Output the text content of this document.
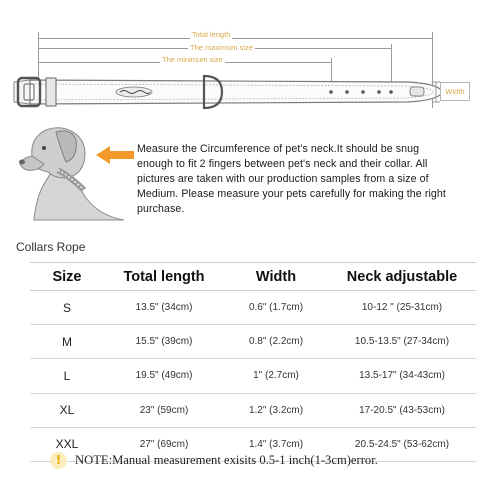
Total length
The maximum size
The minimum size
Width
Measure the Circumference of pet's neck.It should be snug enough to fit 2 fingers between pet's neck and their collar. All pictures are taken with our production samples from a size of Medium. Please measure your pets carefully for making the right purchase.
Collars Rope
Size	Total length	Width	Neck adjustable
S	13.5" (34cm)	0.6" (1.7cm)	10-12 " (25-31cm)
M	15.5" (39cm)	0.8" (2.2cm)	10.5-13.5" (27-34cm)
L	19.5" (49cm)	1" (2.7cm)	13.5-17" (34-43cm)
XL	23" (59cm)	1.2" (3.2cm)	17-20.5" (43-53cm)
XXL	27" (69cm)	1.4" (3.7cm)	20.5-24.5" (53-62cm)
!	NOTE:Manual measurement exisits 0.5-1 inch(1-3cm)error.
